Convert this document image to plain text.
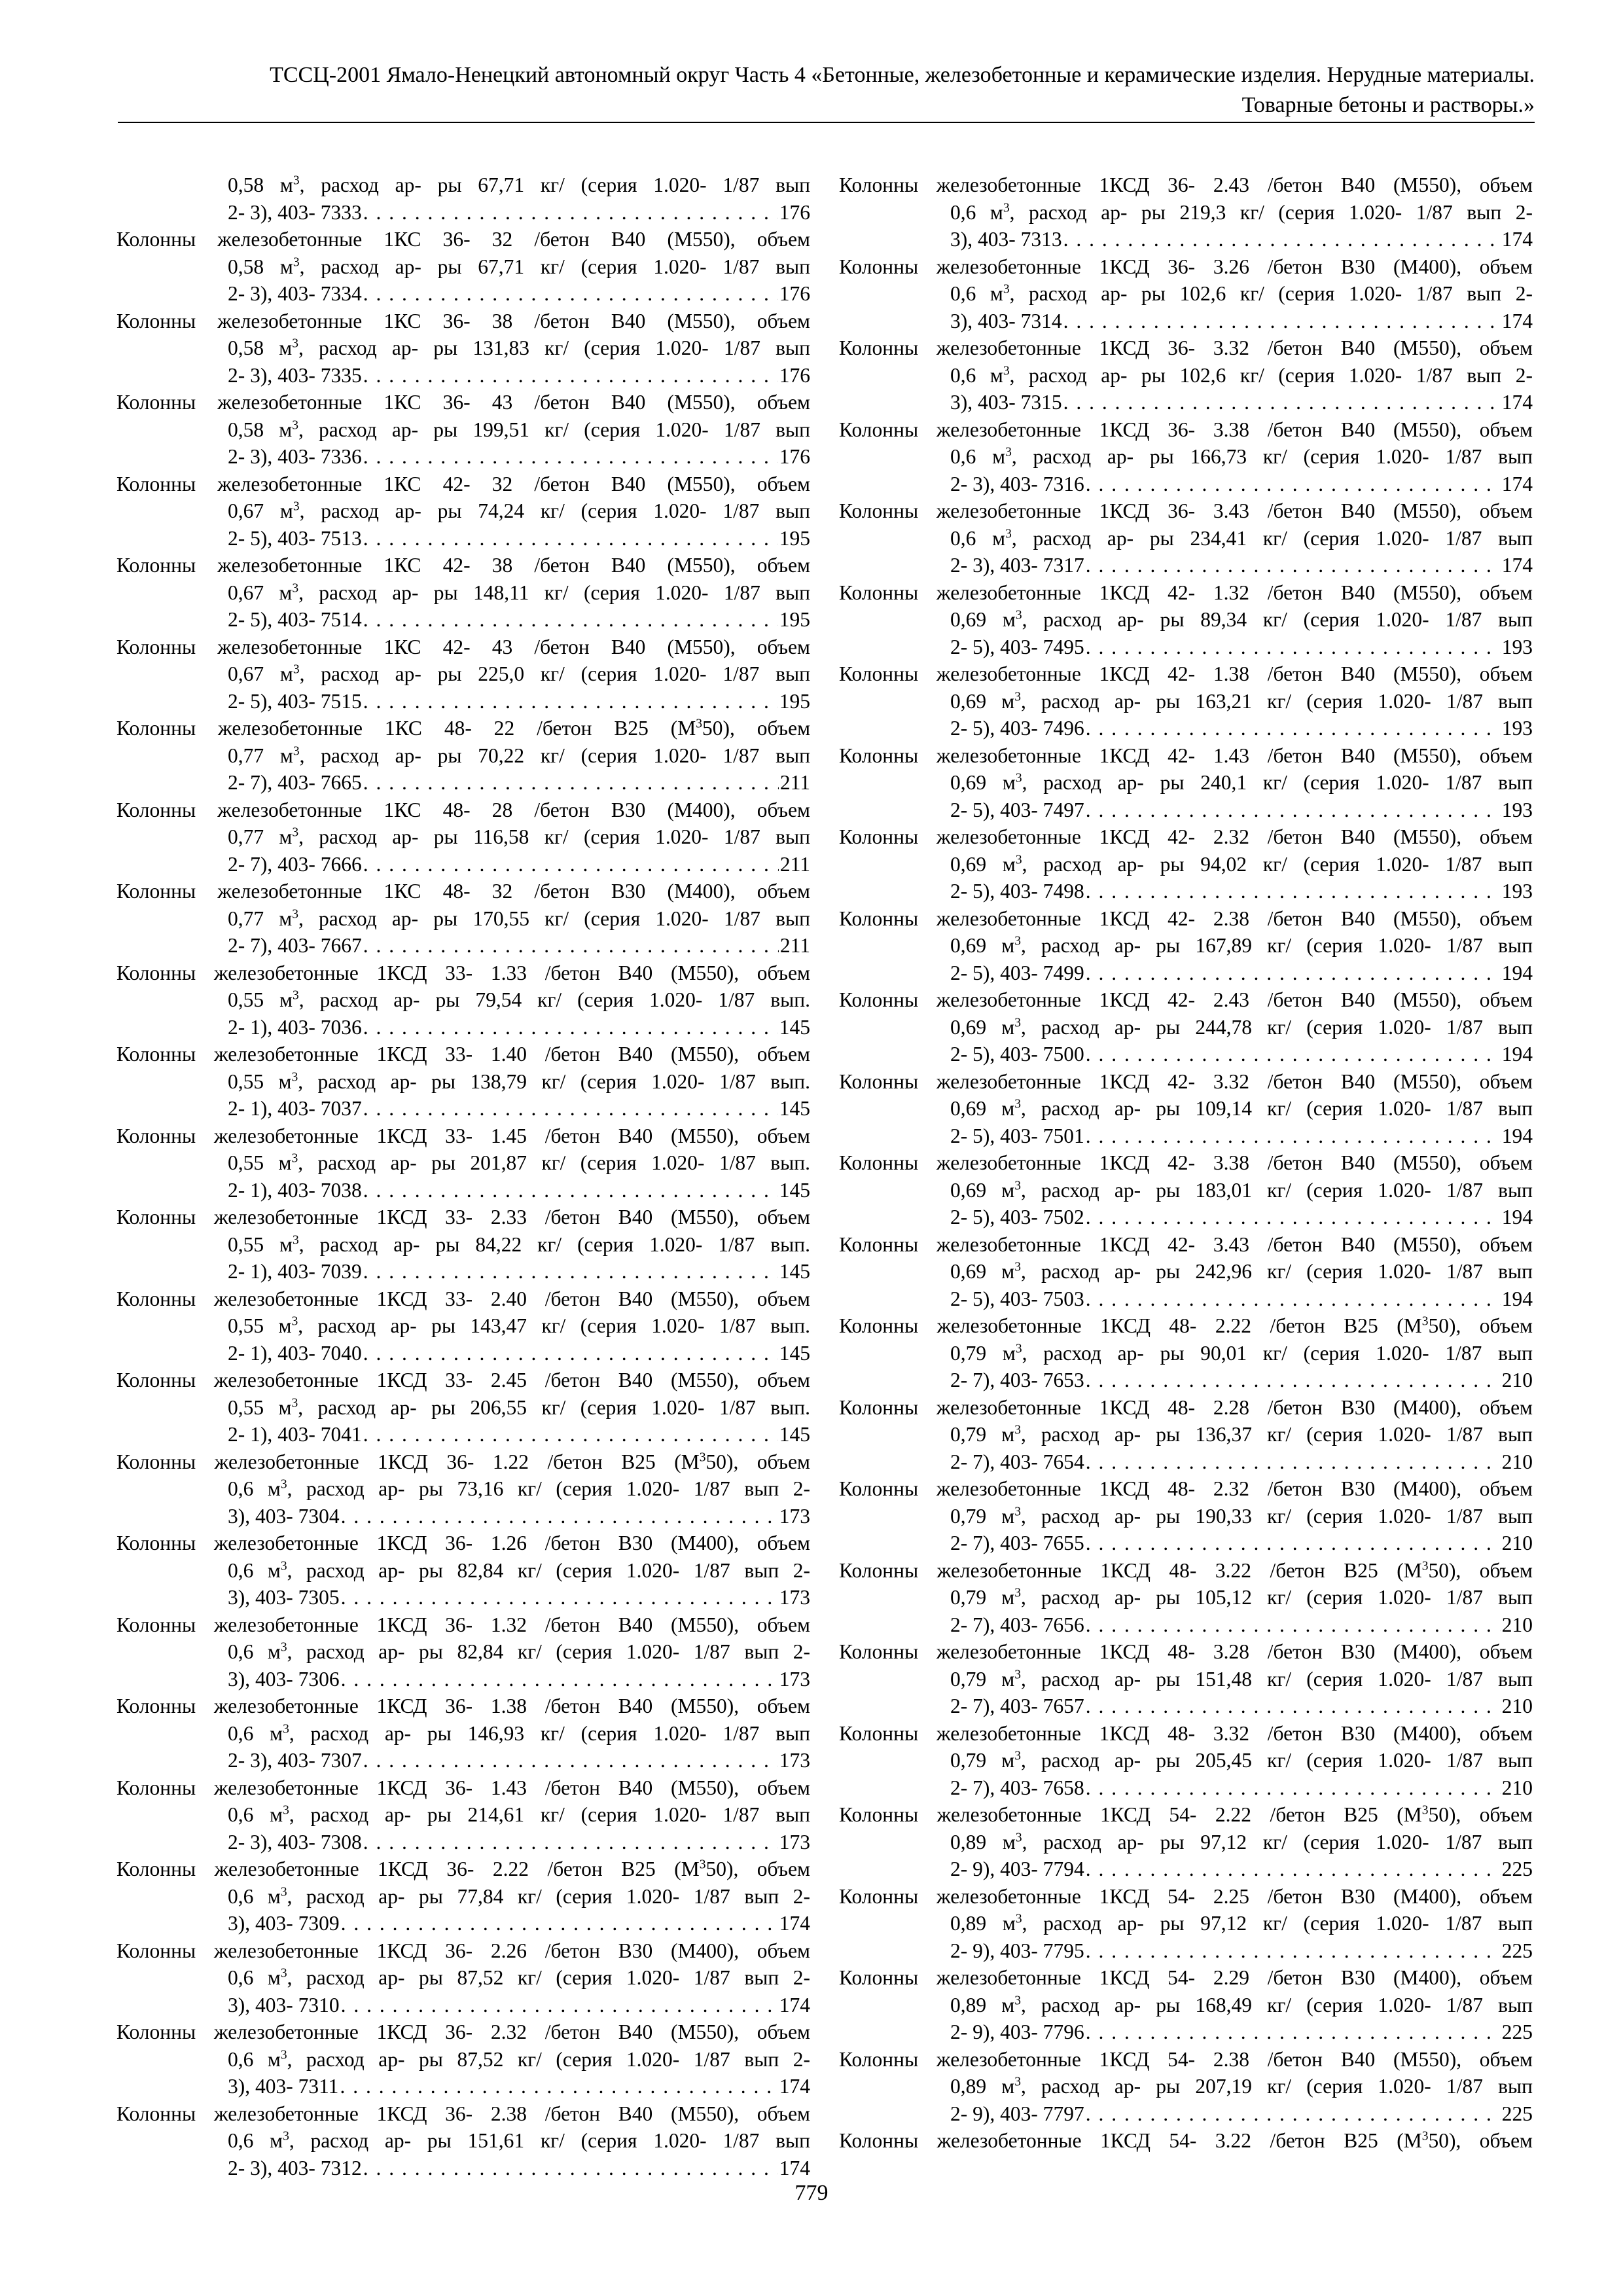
ТССЦ-2001 Ямало-Ненецкий автономный округ Часть 4 «Бетонные, железобетонные и керамические изделия. Нерудные материалы.
Товарные бетоны и растворы.»
0,58 $м^3$, расход ар- ры 67,71 кг/ (серия 1.020- 1/87 вып
2- 3), 403- 7333 . . .	176
Колонны железобетонные 1КС 36- 32 /бетон В40 (М550), объем
0,58 $м^3$, расход ар- ры 67,71 кг/ (серия 1.020- 1/87 вып
2- 3), 403- 7334 . . .	176
Колонны железобетонные 1КС 36- 38 /бетон В40 (М550), объем
0,58 $м^3$, расход ар- ры 131,83 кг/ (серия 1.020- 1/87 вып
2- 3), 403- 7335 . . .	176
Колонны железобетонные 1КС 36- 43 /бетон В40 (М550), объем
0,58 $м^3$, расход ар- ры 199,51 кг/ (серия 1.020- 1/87 вып
2- 3), 403- 7336 . . .	176
Колонны железобетонные 1КС 42- 32 /бетон В40 (М550), объем
0,67 $м^3$, расход ар- ры 74,24 кг/ (серия 1.020- 1/87 вып
2- 5), 403- 7513 . . .	195
Колонны железобетонные 1КС 42- 38 /бетон В40 (М550), объем
0,67 $м^3$, расход ар- ры 148,11 кг/ (серия 1.020- 1/87 вып
2- 5), 403- 7514 . . .	195
Колонны железобетонные 1КС 42- 43 /бетон В40 (М550), объем
0,67 $м^3$, расход ар- ры 225,0 кг/ (серия 1.020- 1/87 вып
2- 5), 403- 7515 . . .	195
Колонны железобетонные 1КС 48- 22 /бетон В25 $(М^350)$, объем
0,77 $м^3$, расход ар- ры 70,22 кг/ (серия 1.020- 1/87 вып
2- 7), 403- 7665 . . .	211
Колонны железобетонные 1КС 48- 28 /бетон В30 (М400), объем
0,77 $м^3$, расход ар- ры 116,58 кг/ (серия 1.020- 1/87 вып
2- 7), 403- 7666 . . .	211
Колонны железобетонные 1КС 48- 32 /бетон В30 (М400), объем
0,77 $м^3$, расход ар- ры 170,55 кг/ (серия 1.020- 1/87 вып
2- 7), 403- 7667 . . .	211
Колонны железобетонные 1КСД 33- 1.33 /бетон В40 (М550), объем
0,55 $м^3$, расход ар- ры 79,54 кг/ (серия 1.020- 1/87 вып.
2- 1), 403- 7036 . . .	145
Колонны железобетонные 1КСД 33- 1.40 /бетон В40 (М550), объем
0,55 $м^3$, расход ар- ры 138,79 кг/ (серия 1.020- 1/87 вып.
2- 1), 403- 7037 . . .	145
Колонны железобетонные 1КСД 33- 1.45 /бетон В40 (М550), объем
0,55 $м^3$, расход ар- ры 201,87 кг/ (серия 1.020- 1/87 вып.
2- 1), 403- 7038 . . .	145
Колонны железобетонные 1КСД 33- 2.33 /бетон В40 (М550), объем
0,55 $м^3$, расход ар- ры 84,22 кг/ (серия 1.020- 1/87 вып.
2- 1), 403- 7039 . . .	145
Колонны железобетонные 1КСД 33- 2.40 /бетон В40 (М550), объем
0,55 $м^3$, расход ар- ры 143,47 кг/ (серия 1.020- 1/87 вып.
2- 1), 403- 7040 . . .	145
Колонны железобетонные 1КСД 33- 2.45 /бетон В40 (М550), объем
0,55 $м^3$, расход ар- ры 206,55 кг/ (серия 1.020- 1/87 вып.
2- 1), 403- 7041 . . .	145
Колонны железобетонные 1КСД 36- 1.22 /бетон В25 $(М^350)$, объем
0,6 $м^3$, расход ар- ры 73,16 кг/ (серия 1.020- 1/87 вып 2-
3), 403- 7304 . . .	173
Колонны железобетонные 1КСД 36- 1.26 /бетон В30 (М400), объем
0,6 $м^3$, расход ар- ры 82,84 кг/ (серия 1.020- 1/87 вып 2-
3), 403- 7305 . . .	173
Колонны железобетонные 1КСД 36- 1.32 /бетон В40 (М550), объем
0,6 $м^3$, расход ар- ры 82,84 кг/ (серия 1.020- 1/87 вып 2-
3), 403- 7306 . . .	173
Колонны железобетонные 1КСД 36- 1.38 /бетон В40 (М550), объем
0,6 $м^3$, расход ар- ры 146,93 кг/ (серия 1.020- 1/87 вып
2- 3), 403- 7307 . . .	173
Колонны железобетонные 1КСД 36- 1.43 /бетон В40 (М550), объем
0,6 $м^3$, расход ар- ры 214,61 кг/ (серия 1.020- 1/87 вып
2- 3), 403- 7308 . . .	173
Колонны железобетонные 1КСД 36- 2.22 /бетон В25 $(М^350)$, объем
0,6 $м^3$, расход ар- ры 77,84 кг/ (серия 1.020- 1/87 вып 2-
3), 403- 7309 . . .	174
Колонны железобетонные 1КСД 36- 2.26 /бетон В30 (М400), объем
0,6 $м^3$, расход ар- ры 87,52 кг/ (серия 1.020- 1/87 вып 2-
3), 403- 7310 . . .	174
Колонны железобетонные 1КСД 36- 2.32 /бетон В40 (М550), объем
0,6 $м^3$, расход ар- ры 87,52 кг/ (серия 1.020- 1/87 вып 2-
3), 403- 7311 . . .	174
Колонны железобетонные 1КСД 36- 2.38 /бетон В40 (М550), объем
0,6 $м^3$, расход ар- ры 151,61 кг/ (серия 1.020- 1/87 вып
2- 3), 403- 7312 . . .	174
Колонны железобетонные 1КСД 36- 2.43 /бетон В40 (М550), объем
0,6 $м^3$, расход ар- ры 219,3 кг/ (серия 1.020- 1/87 вып 2-
3), 403- 7313 . . .	174
Колонны железобетонные 1КСД 36- 3.26 /бетон В30 (М400), объем
0,6 $м^3$, расход ар- ры 102,6 кг/ (серия 1.020- 1/87 вып 2-
3), 403- 7314 . . .	174
Колонны железобетонные 1КСД 36- 3.32 /бетон В40 (М550), объем
0,6 $м^3$, расход ар- ры 102,6 кг/ (серия 1.020- 1/87 вып 2-
3), 403- 7315 . . .	174
Колонны железобетонные 1КСД 36- 3.38 /бетон В40 (М550), объем
0,6 $м^3$, расход ар- ры 166,73 кг/ (серия 1.020- 1/87 вып
2- 3), 403- 7316 . . .	174
Колонны железобетонные 1КСД 36- 3.43 /бетон В40 (М550), объем
0,6 $м^3$, расход ар- ры 234,41 кг/ (серия 1.020- 1/87 вып
2- 3), 403- 7317 . . .	174
Колонны железобетонные 1КСД 42- 1.32 /бетон В40 (М550), объем
0,69 $м^3$, расход ар- ры 89,34 кг/ (серия 1.020- 1/87 вып
2- 5), 403- 7495 . . .	193
Колонны железобетонные 1КСД 42- 1.38 /бетон В40 (М550), объем
0,69 $м^3$, расход ар- ры 163,21 кг/ (серия 1.020- 1/87 вып
2- 5), 403- 7496 . . .	193
Колонны железобетонные 1КСД 42- 1.43 /бетон В40 (М550), объем
0,69 $м^3$, расход ар- ры 240,1 кг/ (серия 1.020- 1/87 вып
2- 5), 403- 7497 . . .	193
Колонны железобетонные 1КСД 42- 2.32 /бетон В40 (М550), объем
0,69 $м^3$, расход ар- ры 94,02 кг/ (серия 1.020- 1/87 вып
2- 5), 403- 7498 . . .	193
Колонны железобетонные 1КСД 42- 2.38 /бетон В40 (М550), объем
0,69 $м^3$, расход ар- ры 167,89 кг/ (серия 1.020- 1/87 вып
2- 5), 403- 7499 . . .	194
Колонны железобетонные 1КСД 42- 2.43 /бетон В40 (М550), объем
0,69 $м^3$, расход ар- ры 244,78 кг/ (серия 1.020- 1/87 вып
2- 5), 403- 7500 . . .	194
Колонны железобетонные 1КСД 42- 3.32 /бетон В40 (М550), объем
0,69 $м^3$, расход ар- ры 109,14 кг/ (серия 1.020- 1/87 вып
2- 5), 403- 7501 . . .	194
Колонны железобетонные 1КСД 42- 3.38 /бетон В40 (М550), объем
0,69 $м^3$, расход ар- ры 183,01 кг/ (серия 1.020- 1/87 вып
2- 5), 403- 7502 . . .	194
Колонны железобетонные 1КСД 42- 3.43 /бетон В40 (М550), объем
0,69 $м^3$, расход ар- ры 242,96 кг/ (серия 1.020- 1/87 вып
2- 5), 403- 7503 . . .	194
Колонны железобетонные 1КСД 48- 2.22 /бетон В25 $(М^350)$, объем
0,79 $м^3$, расход ар- ры 90,01 кг/ (серия 1.020- 1/87 вып
2- 7), 403- 7653 . . .	210
Колонны железобетонные 1КСД 48- 2.28 /бетон В30 (М400), объем
0,79 $м^3$, расход ар- ры 136,37 кг/ (серия 1.020- 1/87 вып
2- 7), 403- 7654 . . .	210
Колонны железобетонные 1КСД 48- 2.32 /бетон В30 (М400), объем
0,79 $м^3$, расход ар- ры 190,33 кг/ (серия 1.020- 1/87 вып
2- 7), 403- 7655 . . .	210
Колонны железобетонные 1КСД 48- 3.22 /бетон В25 $(М^350)$, объем
0,79 $м^3$, расход ар- ры 105,12 кг/ (серия 1.020- 1/87 вып
2- 7), 403- 7656 . . .	210
Колонны железобетонные 1КСД 48- 3.28 /бетон В30 (М400), объем
0,79 $м^3$, расход ар- ры 151,48 кг/ (серия 1.020- 1/87 вып
2- 7), 403- 7657 . . .	210
Колонны железобетонные 1КСД 48- 3.32 /бетон В30 (М400), объем
0,79 $м^3$, расход ар- ры 205,45 кг/ (серия 1.020- 1/87 вып
2- 7), 403- 7658 . . .	210
Колонны железобетонные 1КСД 54- 2.22 /бетон В25 $(М^350)$, объем
0,89 $м^3$, расход ар- ры 97,12 кг/ (серия 1.020- 1/87 вып
2- 9), 403- 7794 . . .	225
Колонны железобетонные 1КСД 54- 2.25 /бетон В30 (М400), объем
0,89 $м^3$, расход ар- ры 97,12 кг/ (серия 1.020- 1/87 вып
2- 9), 403- 7795 . . .	225
Колонны железобетонные 1КСД 54- 2.29 /бетон В30 (М400), объем
0,89 $м^3$, расход ар- ры 168,49 кг/ (серия 1.020- 1/87 вып
2- 9), 403- 7796 . . .	225
Колонны железобетонные 1КСД 54- 2.38 /бетон В40 (М550), объем
0,89 $м^3$, расход ар- ры 207,19 кг/ (серия 1.020- 1/87 вып
2- 9), 403- 7797 . . .	225
Колонны железобетонные 1КСД 54- 3.22 /бетон В25 $(М^350)$, объем
779
